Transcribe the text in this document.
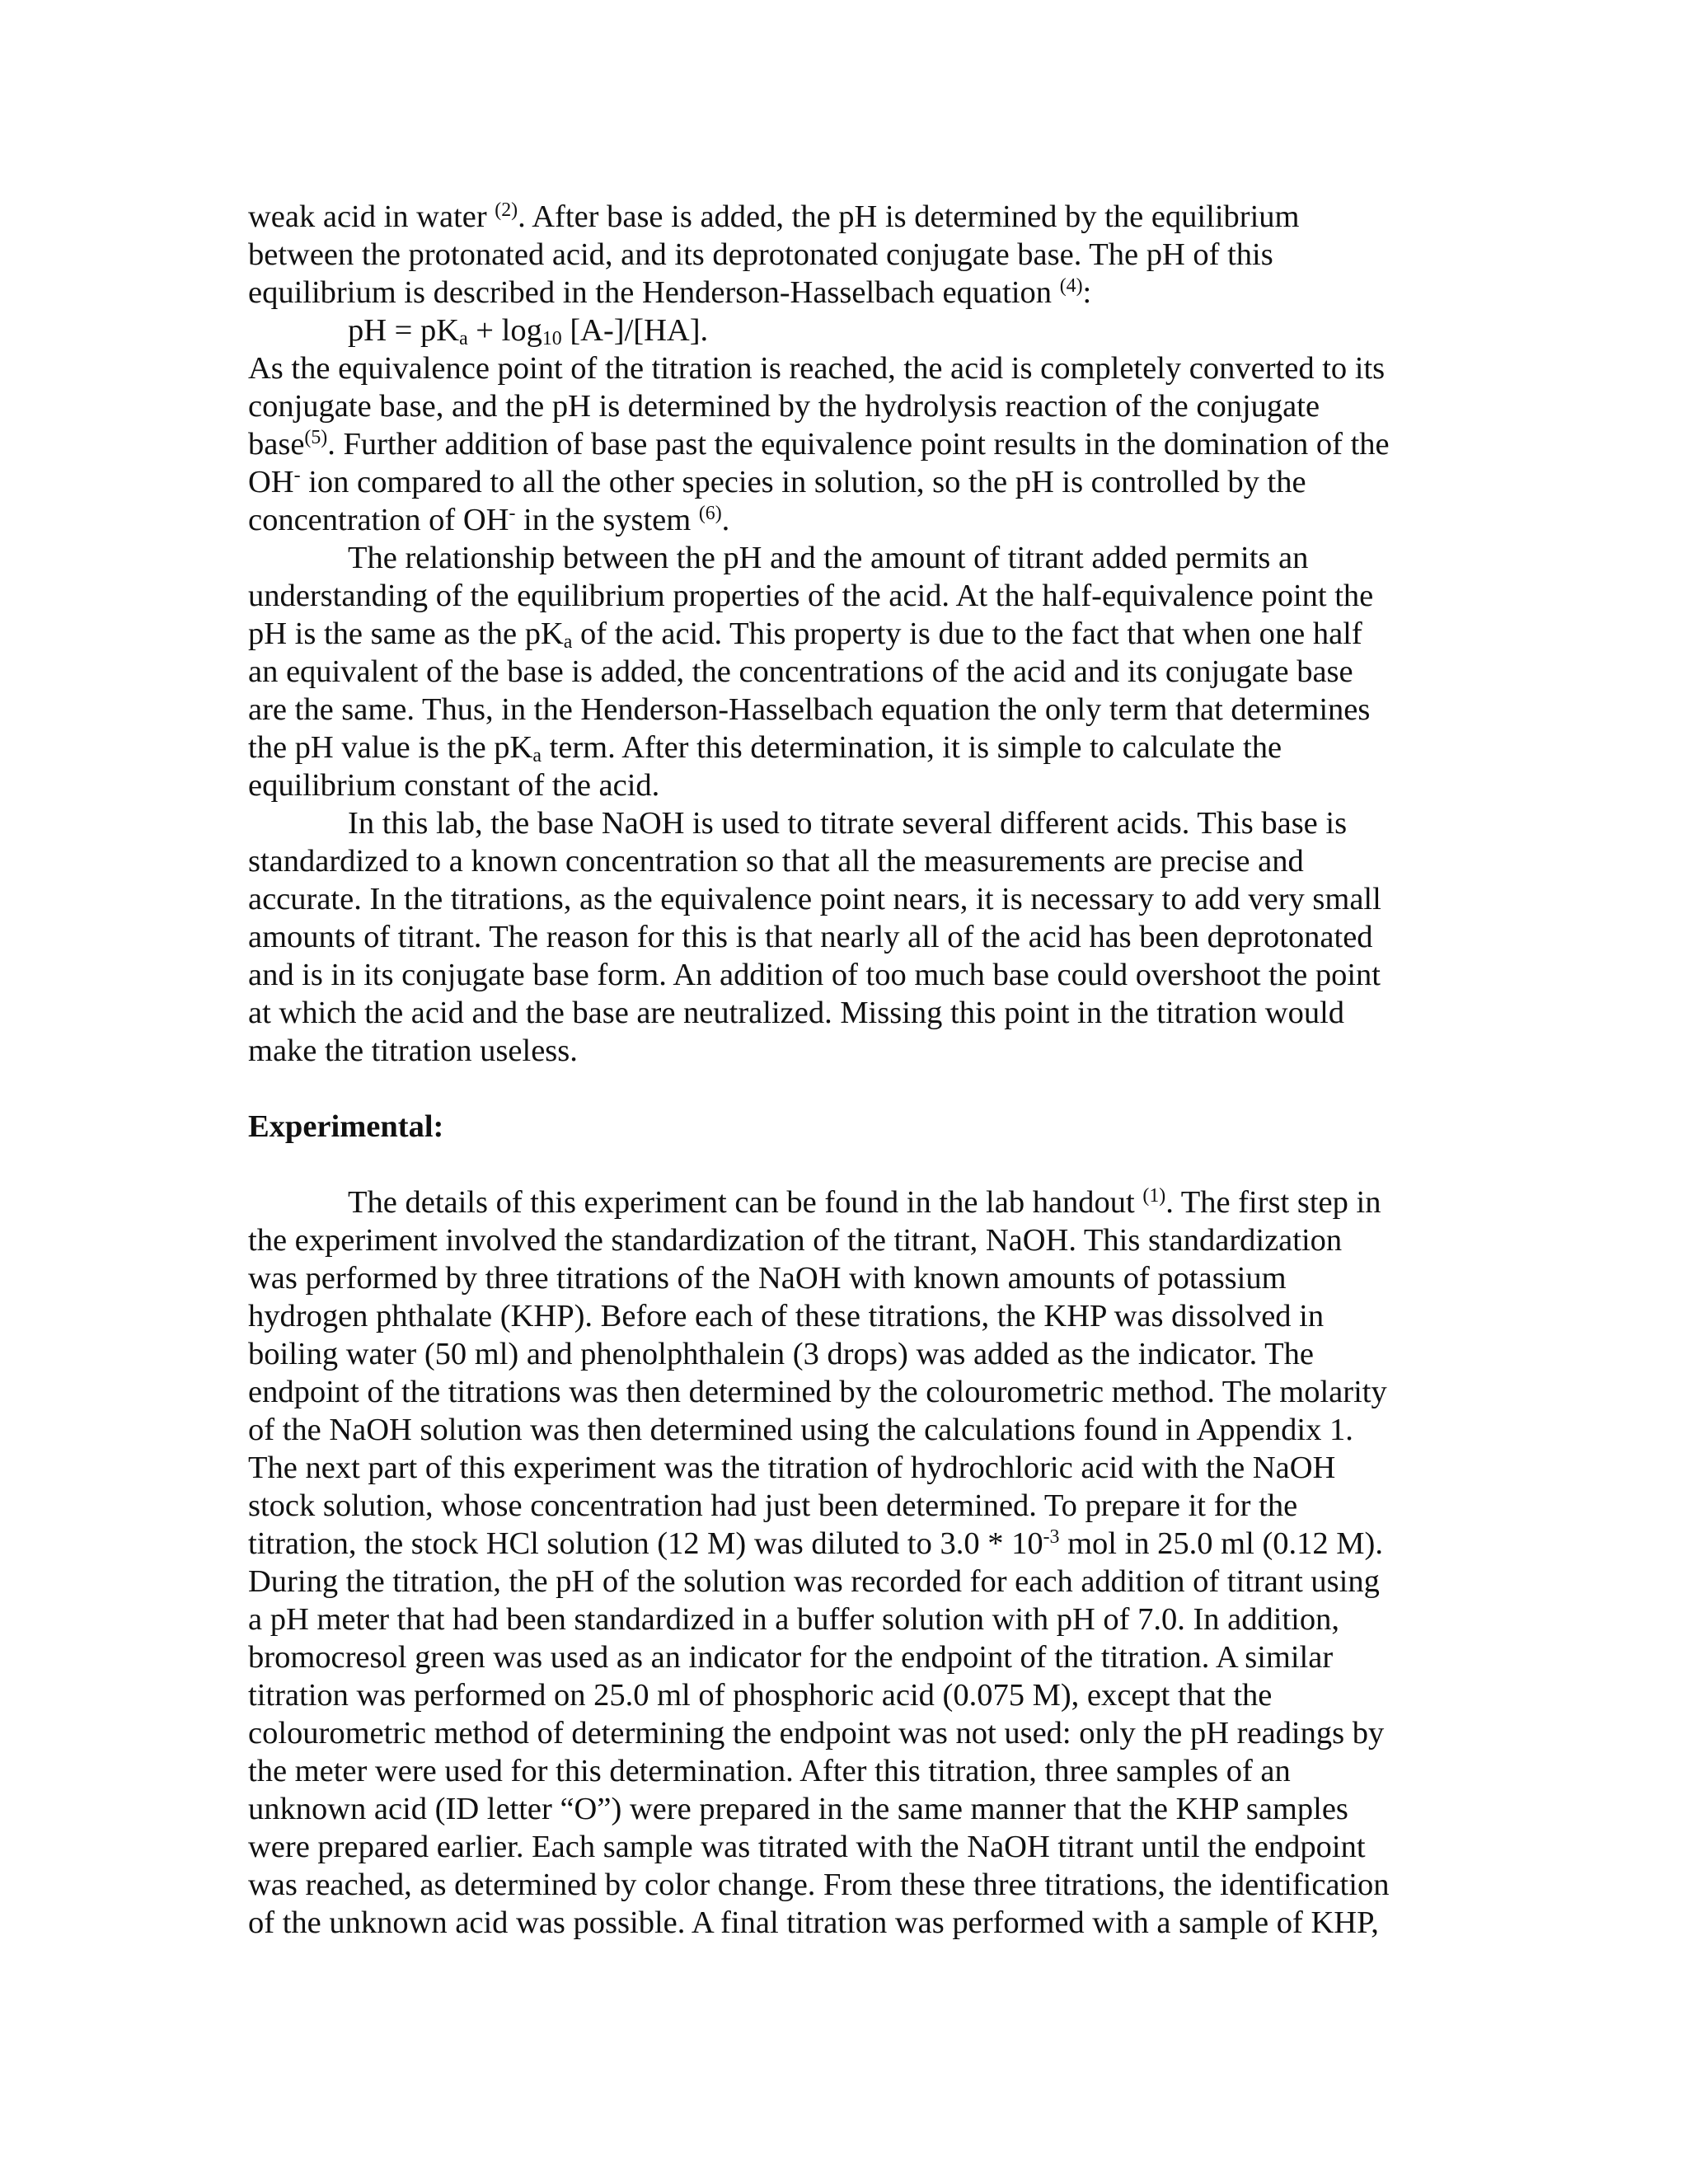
weak acid in water $^{(2)}$. After base is added, the pH is determined by the equilibrium
between the protonated acid, and its deprotonated conjugate base. The pH of this
equilibrium is described in the Henderson-Hasselbach equation $^{(4)}$:
pH = $pK_a + \log_{10} [A-]/[HA]$.
As the equivalence point of the titration is reached, the acid is completely converted to its
conjugate base, and the pH is determined by the hydrolysis reaction of the conjugate
base$^{(5)}$. Further addition of base past the equivalence point results in the domination of the
OH- ion compared to all the other species in solution, so the pH is controlled by the
concentration of OH- in the system $^{(6)}$.
The relationship between the pH and the amount of titrant added permits an
understanding of the equilibrium properties of the acid. At the half-equivalence point the
pH is the same as the $pK_a$ of the acid. This property is due to the fact that when one half
an equivalent of the base is added, the concentrations of the acid and its conjugate base
are the same. Thus, in the Henderson-Hasselbach equation the only term that determines
the pH value is the $pK_a$ term. After this determination, it is simple to calculate the
equilibrium constant of the acid.
In this lab, the base NaOH is used to titrate several different acids. This base is
standardized to a known concentration so that all the measurements are precise and
accurate. In the titrations, as the equivalence point nears, it is necessary to add very small
amounts of titrant. The reason for this is that nearly all of the acid has been deprotonated
and is in its conjugate base form. An addition of too much base could overshoot the point
at which the acid and the base are neutralized. Missing this point in the titration would
make the titration useless.
Experimental:
The details of this experiment can be found in the lab handout $^{(1)}$. The first step in
the experiment involved the standardization of the titrant, NaOH. This standardization
was performed by three titrations of the NaOH with known amounts of potassium
hydrogen phthalate (KHP). Before each of these titrations, the KHP was dissolved in
boiling water (50 ml) and phenolphthalein (3 drops) was added as the indicator. The
endpoint of the titrations was then determined by the colourometric method. The molarity
of the NaOH solution was then determined using the calculations found in Appendix 1.
The next part of this experiment was the titration of hydrochloric acid with the NaOH
stock solution, whose concentration had just been determined. To prepare it for the
titration, the stock HCl solution (12 M) was diluted to $3.0 * 10^{-3}$ mol in 25.0 ml (0.12 M).
During the titration, the pH of the solution was recorded for each addition of titrant using
a pH meter that had been standardized in a buffer solution with pH of 7.0. In addition,
bromocresol green was used as an indicator for the endpoint of the titration. A similar
titration was performed on 25.0 ml of phosphoric acid (0.075 M), except that the
colourometric method of determining the endpoint was not used: only the pH readings by
the meter were used for this determination. After this titration, three samples of an
unknown acid (ID letter “O”) were prepared in the same manner that the KHP samples
were prepared earlier. Each sample was titrated with the NaOH titrant until the endpoint
was reached, as determined by color change. From these three titrations, the identification
of the unknown acid was possible. A final titration was performed with a sample of KHP,
